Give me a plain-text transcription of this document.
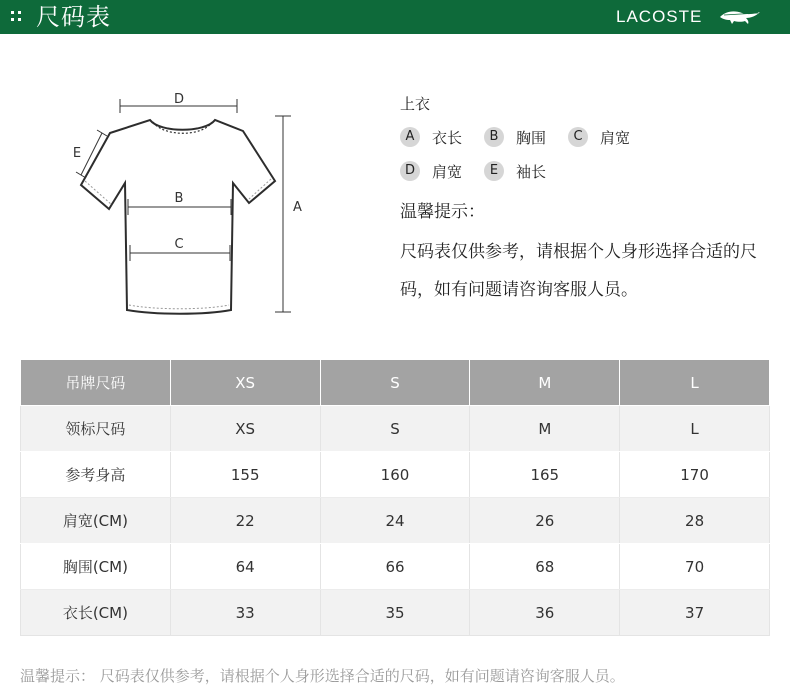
尺码表	LACOSTE
D
E
B
C
A
上衣
A	衣长	B	胸围	C	肩宽
D	肩宽	E	袖长
温馨提示：
尺码表仅供参考，请根据个人身形选择合适的尺码，如有问题请咨询客服人员。
吊牌尺码	XS	S	M	L
领标尺码	XS	S	M	L
参考身高	155	160	165	170
肩宽(CM)	22	24	26	28
胸围(CM)	64	66	68	70
衣长(CM)	33	35	36	37
温馨提示： 尺码表仅供参考，请根据个人身形选择合适的尺码，如有问题请咨询客服人员。
